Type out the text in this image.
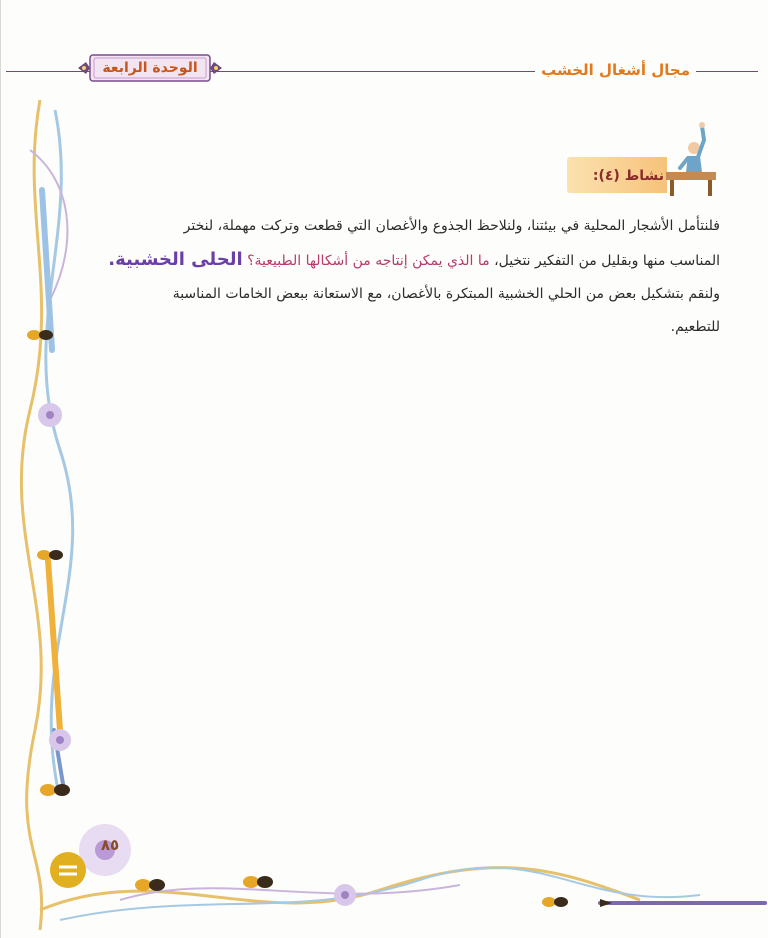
الوحدة الرابعة	مجال أشغال الخشب
نشاط (٤):

فلنتأمل الأشجار المحلية في بيئتنا، ولنلاحظ الجذوع والأغصان التي قطعت وتركت مهملة، لنختر

المناسب منها وبقليل من التفكير نتخيل، ما الذي يمكن إنتاجه من أشكالها الطبيعية؟ الحلى الخشبية.

ولنقم بتشكيل بعض من الحلي الخشبية المبتكرة بالأغصان، مع الاستعانة ببعض الخامات المناسبة

للتطعيم.

٨٥
